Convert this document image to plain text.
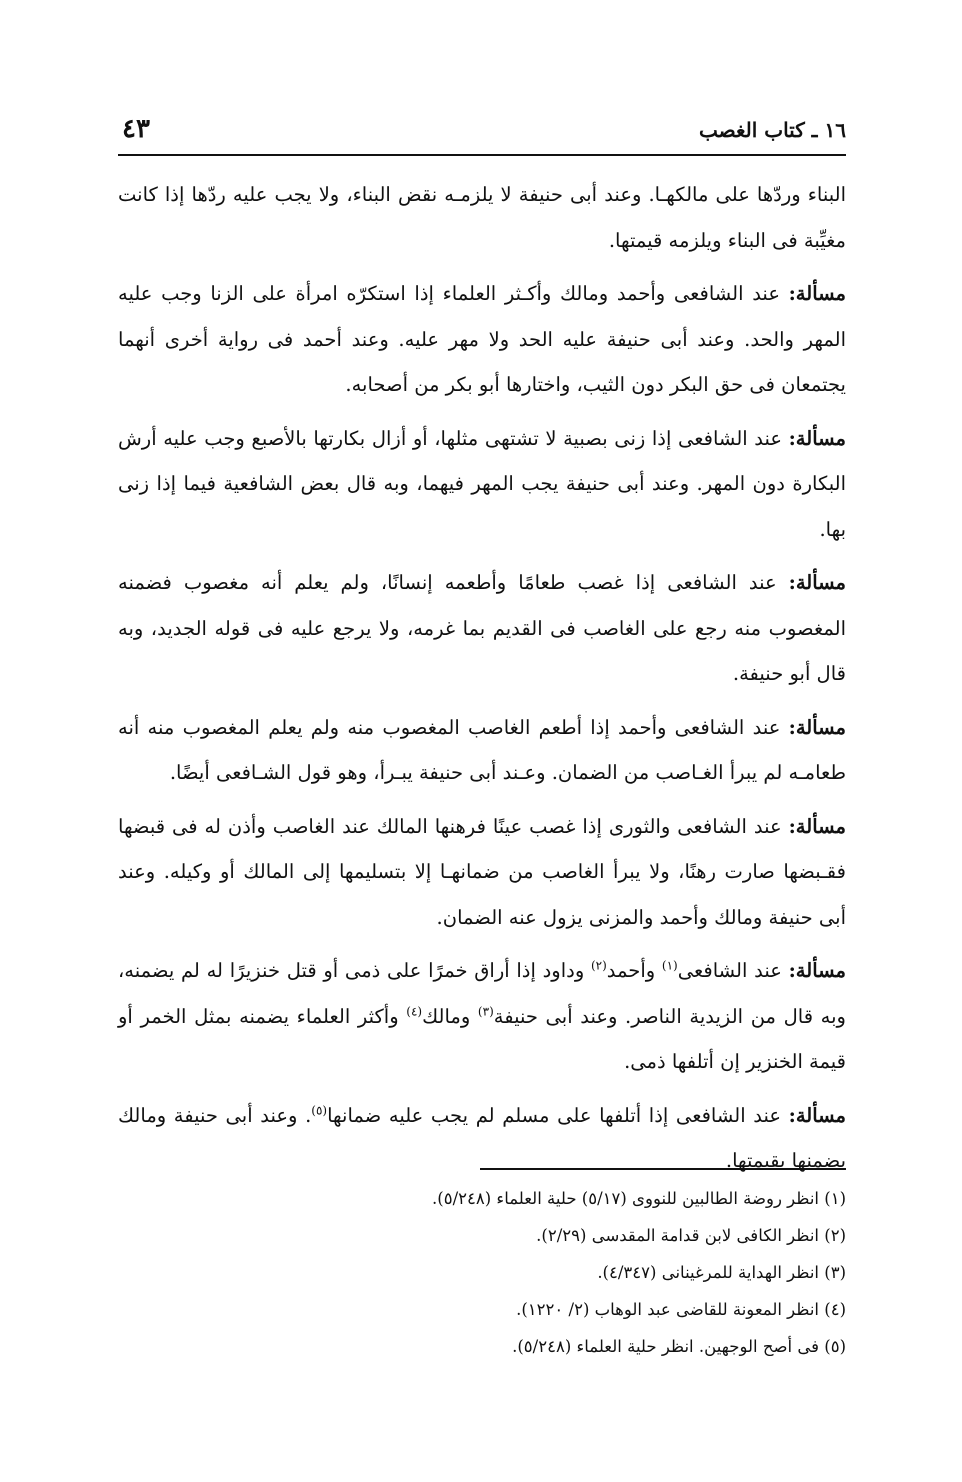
٤٣	١٦ ـ كتاب الغصب

البناء وردّها على مالكهـا. وعند أبى حنيفة لا يلزمـه نقض البناء، ولا يجب عليه ردّها إذا كانت مغيِّبة فى البناء ويلزمه قيمتها.

مسألة: عند الشافعى وأحمد ومالك وأكـثر العلماء إذا استكرّه امرأة على الزنا وجب عليه المهر والحد. وعند أبى حنيفة عليه الحد ولا مهر عليه. وعند أحمد فى رواية أخرى أنهما يجتمعان فى حق البكر دون الثيب، واختارها أبو بكر من أصحابه.

مسألة: عند الشافعى إذا زنى بصبية لا تشتهى مثلها، أو أزال بكارتها بالأصبع وجب عليه أرش البكارة دون المهر. وعند أبى حنيفة يجب المهر فيهما، وبه قال بعض الشافعية فيما إذا زنى بها.

مسألة: عند الشافعى إذا غصب طعامًا وأطعمه إنسانًا، ولم يعلم أنه مغصوب فضمنه المغصوب منه رجع على الغاصب فى القديم بما غرمه، ولا يرجع عليه فى قوله الجديد، وبه قال أبو حنيفة.

مسألة: عند الشافعى وأحمد إذا أطعم الغاصب المغصوب منه ولم يعلم المغصوب منه أنه طعامـه لم يبرأ الغـاصب من الضمان. وعـند أبى حنيفة يبـرأ، وهو قول الشـافعى أيضًا.

مسألة: عند الشافعى والثورى إذا غصب عينًا فرهنها المالك عند الغاصب وأذن له فى قبضها فقـبضها صارت رهنًا، ولا يبرأ الغاصب من ضمانهـا إلا بتسليمها إلى المالك أو وكيله. وعند أبى حنيفة ومالك وأحمد والمزنى يزول عنه الضمان.

مسألة: عند الشافعى$^{(١)}$ وأحمد$^{(٢)}$ وداود إذا أراق خمرًا على ذمى أو قتل خنزيرًا له لم يضمنه، وبه قال من الزيدية الناصر. وعند أبى حنيفة$^{(٣)}$ ومالك$^{(٤)}$ وأكثر العلماء يضمنه بمثل الخمر أو قيمة الخنزير إن أتلفها ذمى.

مسألة: عند الشافعى إذا أتلفها على مسلم لم يجب عليه ضمانها$^{(٥)}$. وعند أبى حنيفة ومالك يضمنها بقيمتها.

(١) انظر روضة الطالبين للنووى (٥/١٧) حلية العلماء (٥/٢٤٨).

(٢) انظر الكافى لابن قدامة المقدسى (٢/٢٩).

(٣) انظر الهداية للمرغينانى (٤/٣٤٧).

(٤) انظر المعونة للقاضى عبد الوهاب (٢/ ١٢٢٠).

(٥) فى أصح الوجهين. انظر حلية العلماء (٥/٢٤٨).
